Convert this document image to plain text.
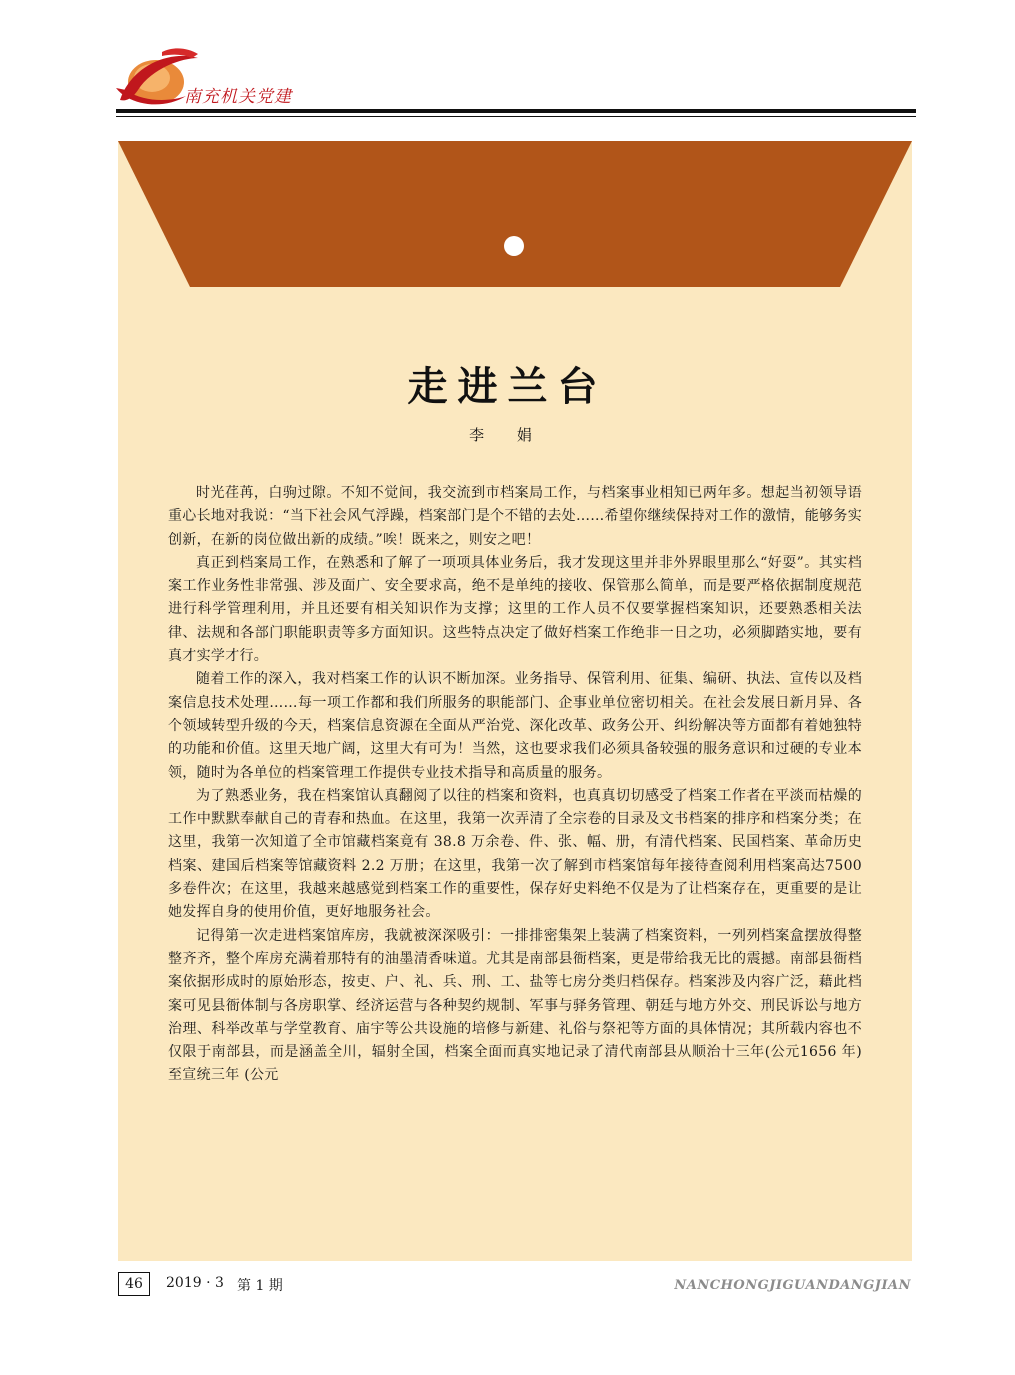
南充机关党建
走进兰台
李 娟

时光荏苒，白驹过隙。不知不觉间，我交流到市档案局工作，与档案事业相知已两年多。想起当初领导语重心长地对我说：“当下社会风气浮躁，档案部门是个不错的去处……希望你继续保持对工作的激情，能够务实创新，在新的岗位做出新的成绩。”唉！既来之，则安之吧！

真正到档案局工作，在熟悉和了解了一项项具体业务后，我才发现这里并非外界眼里那么“好耍”。其实档案工作业务性非常强、涉及面广、安全要求高，绝不是单纯的接收、保管那么简单，而是要严格依据制度规范进行科学管理利用，并且还要有相关知识作为支撑；这里的工作人员不仅要掌握档案知识，还要熟悉相关法律、法规和各部门职能职责等多方面知识。这些特点决定了做好档案工作绝非一日之功，必须脚踏实地，要有真才实学才行。

随着工作的深入，我对档案工作的认识不断加深。业务指导、保管利用、征集、编研、执法、宣传以及档案信息技术处理……每一项工作都和我们所服务的职能部门、企事业单位密切相关。在社会发展日新月异、各个领域转型升级的今天，档案信息资源在全面从严治党、深化改革、政务公开、纠纷解决等方面都有着她独特的功能和价值。这里天地广阔，这里大有可为！当然，这也要求我们必须具备较强的服务意识和过硬的专业本领，随时为各单位的档案管理工作提供专业技术指导和高质量的服务。

为了熟悉业务，我在档案馆认真翻阅了以往的档案和资料，也真真切切感受了档案工作者在平淡而枯燥的工作中默默奉献自己的青春和热血。在这里，我第一次弄清了全宗卷的目录及文书档案的排序和档案分类；在这里，我第一次知道了全市馆藏档案竟有 38.8 万余卷、件、张、幅、册，有清代档案、民国档案、革命历史档案、建国后档案等馆藏资料 2.2 万册；在这里，我第一次了解到市档案馆每年接待查阅利用档案高达7500 多卷件次；在这里，我越来越感觉到档案工作的重要性，保存好史料绝不仅是为了让档案存在，更重要的是让她发挥自身的使用价值，更好地服务社会。

记得第一次走进档案馆库房，我就被深深吸引：一排排密集架上装满了档案资料，一列列档案盒摆放得整整齐齐，整个库房充满着那特有的油墨清香味道。尤其是南部县衙档案，更是带给我无比的震撼。南部县衙档案依据形成时的原始形态，按吏、户、礼、兵、刑、工、盐等七房分类归档保存。档案涉及内容广泛，藉此档案可见县衙体制与各房职掌、经济运营与各种契约规制、军事与驿务管理、朝廷与地方外交、刑民诉讼与地方治理、科举改革与学堂教育、庙宇等公共设施的培修与新建、礼俗与祭祀等方面的具体情况；其所载内容也不仅限于南部县，而是涵盖全川，辐射全国，档案全面而真实地记录了清代南部县从顺治十三年(公元1656 年) 至宣统三年 (公元

46	2019 · 3 第 1 期	NANCHONGJIGUANDANGJIAN
